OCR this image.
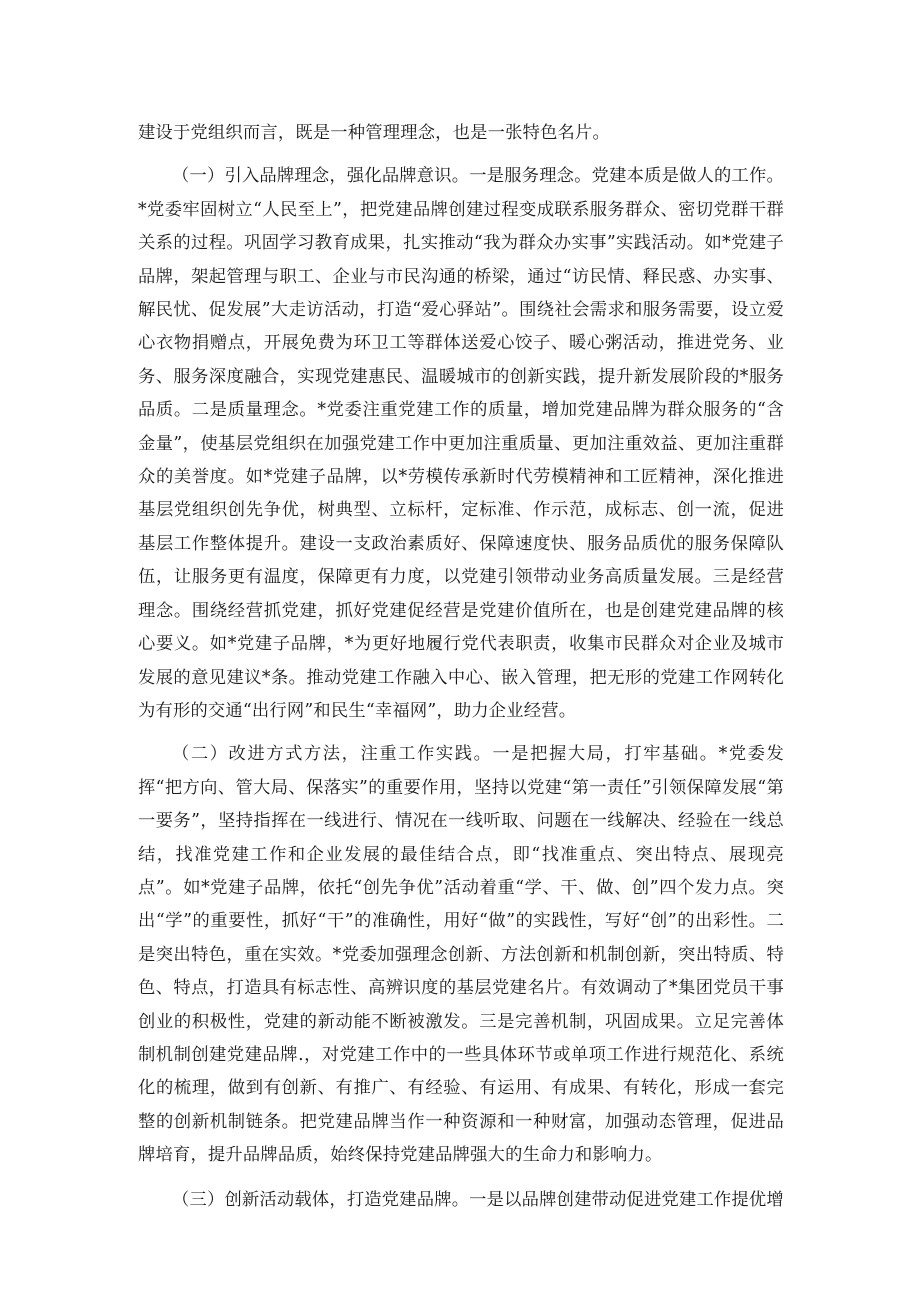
建设于党组织而言，既是一种管理理念，也是一张特色名片。

（一）引入品牌理念，强化品牌意识。一是服务理念。党建本质是做人的工作。*党委牢固树立“人民至上”，把党建品牌创建过程变成联系服务群众、密切党群干群关系的过程。巩固学习教育成果，扎实推动“我为群众办实事”实践活动。如*党建子品牌，架起管理与职工、企业与市民沟通的桥梁，通过“访民情、释民惑、办实事、解民忧、促发展”大走访活动，打造“爱心驿站”。围绕社会需求和服务需要，设立爱心衣物捐赠点，开展免费为环卫工等群体送爱心饺子、暖心粥活动，推进党务、业务、服务深度融合，实现党建惠民、温暖城市的创新实践，提升新发展阶段的*服务品质。二是质量理念。*党委注重党建工作的质量，增加党建品牌为群众服务的“含金量”，使基层党组织在加强党建工作中更加注重质量、更加注重效益、更加注重群众的美誉度。如*党建子品牌，以*劳模传承新时代劳模精神和工匠精神，深化推进基层党组织创先争优，树典型、立标杆，定标准、作示范，成标志、创一流，促进基层工作整体提升。建设一支政治素质好、保障速度快、服务品质优的服务保障队伍，让服务更有温度，保障更有力度，以党建引领带动业务高质量发展。三是经营理念。围绕经营抓党建，抓好党建促经营是党建价值所在，也是创建党建品牌的核心要义。如*党建子品牌，*为更好地履行党代表职责，收集市民群众对企业及城市发展的意见建议*条。推动党建工作融入中心、嵌入管理，把无形的党建工作网转化为有形的交通“出行网”和民生“幸福网”，助力企业经营。

（二）改进方式方法，注重工作实践。一是把握大局，打牢基础。*党委发挥“把方向、管大局、保落实”的重要作用，坚持以党建“第一责任”引领保障发展“第一要务”，坚持指挥在一线进行、情况在一线听取、问题在一线解决、经验在一线总结，找准党建工作和企业发展的最佳结合点，即“找准重点、突出特点、展现亮点”。如*党建子品牌，依托“创先争优”活动着重“学、干、做、创”四个发力点。突出“学”的重要性，抓好“干”的准确性，用好“做”的实践性，写好“创”的出彩性。二是突出特色，重在实效。*党委加强理念创新、方法创新和机制创新，突出特质、特色、特点，打造具有标志性、高辨识度的基层党建名片。有效调动了*集团党员干事创业的积极性，党建的新动能不断被激发。三是完善机制，巩固成果。立足完善体制机制创建党建品牌.，对党建工作中的一些具体环节或单项工作进行规范化、系统化的梳理，做到有创新、有推广、有经验、有运用、有成果、有转化，形成一套完整的创新机制链条。把党建品牌当作一种资源和一种财富，加强动态管理，促进品牌培育，提升品牌品质，始终保持党建品牌强大的生命力和影响力。

（三）创新活动载体，打造党建品牌。一是以品牌创建带动促进党建工作提优增
